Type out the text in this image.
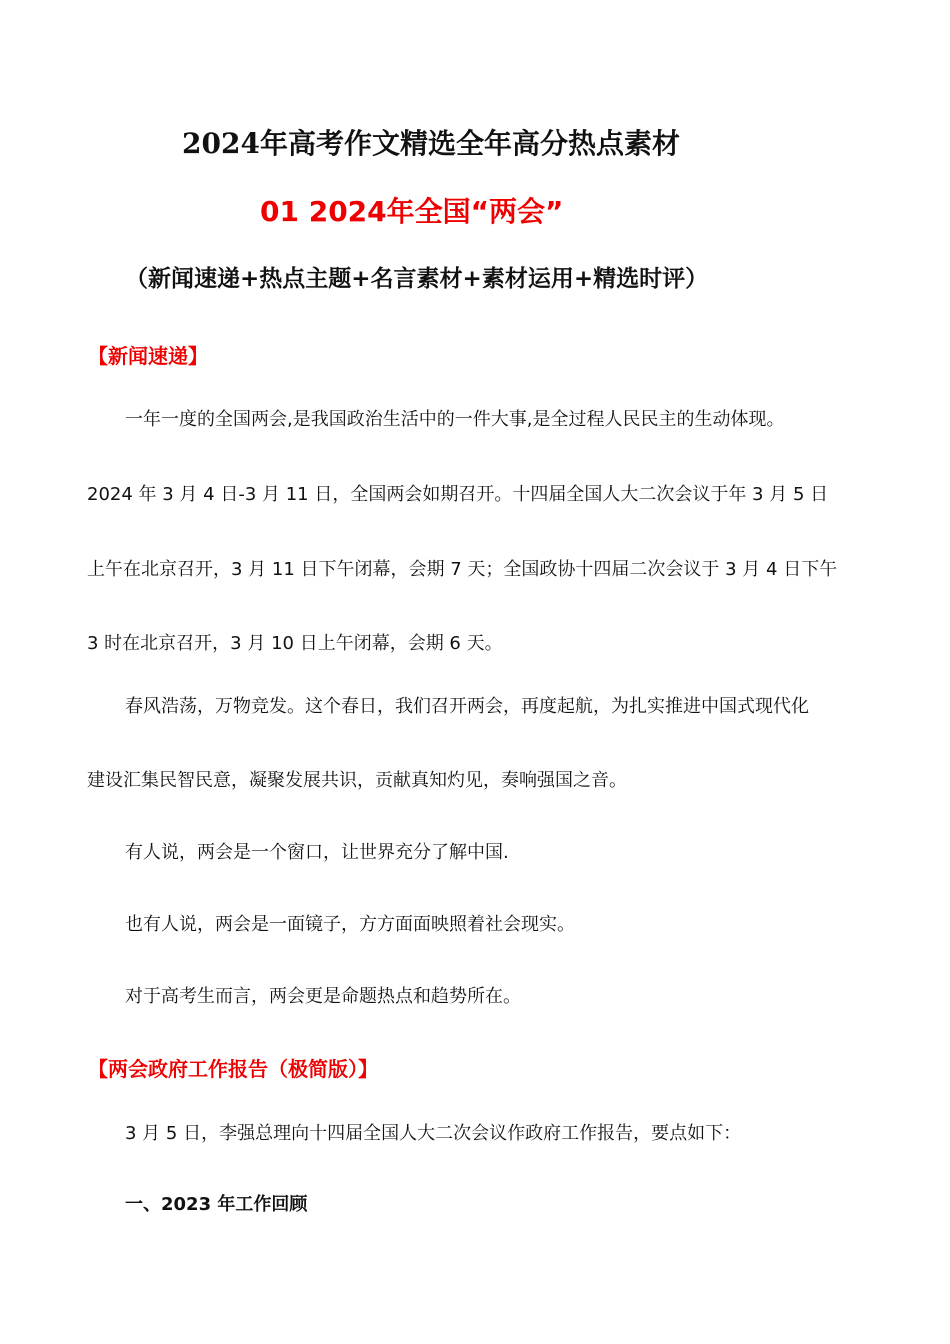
2024年高考作文精选全年高分热点素材
01 2024年全国“两会”
（新闻速递+热点主题+名言素材+素材运用+精选时评）
【新闻速递】
一年一度的全国两会,是我国政治生活中的一件大事,是全过程人民民主的生动体现。
2024 年 3 月 4 日-3 月 11 日，全国两会如期召开。十四届全国人大二次会议于年 3 月 5 日
上午在北京召开，3 月 11 日下午闭幕，会期 7 天；全国政协十四届二次会议于 3 月 4 日下午
3 时在北京召开，3 月 10 日上午闭幕，会期 6 天。
春风浩荡，万物竞发。这个春日，我们召开两会，再度起航，为扎实推进中国式现代化
建设汇集民智民意，凝聚发展共识，贡献真知灼见，奏响强国之音。
有人说，两会是一个窗口，让世界充分了解中国.
也有人说，两会是一面镜子，方方面面映照着社会现实。
对于高考生而言，两会更是命题热点和趋势所在。
【两会政府工作报告（极简版）】
3 月 5 日，李强总理向十四届全国人大二次会议作政府工作报告，要点如下：
一、2023 年工作回顾
